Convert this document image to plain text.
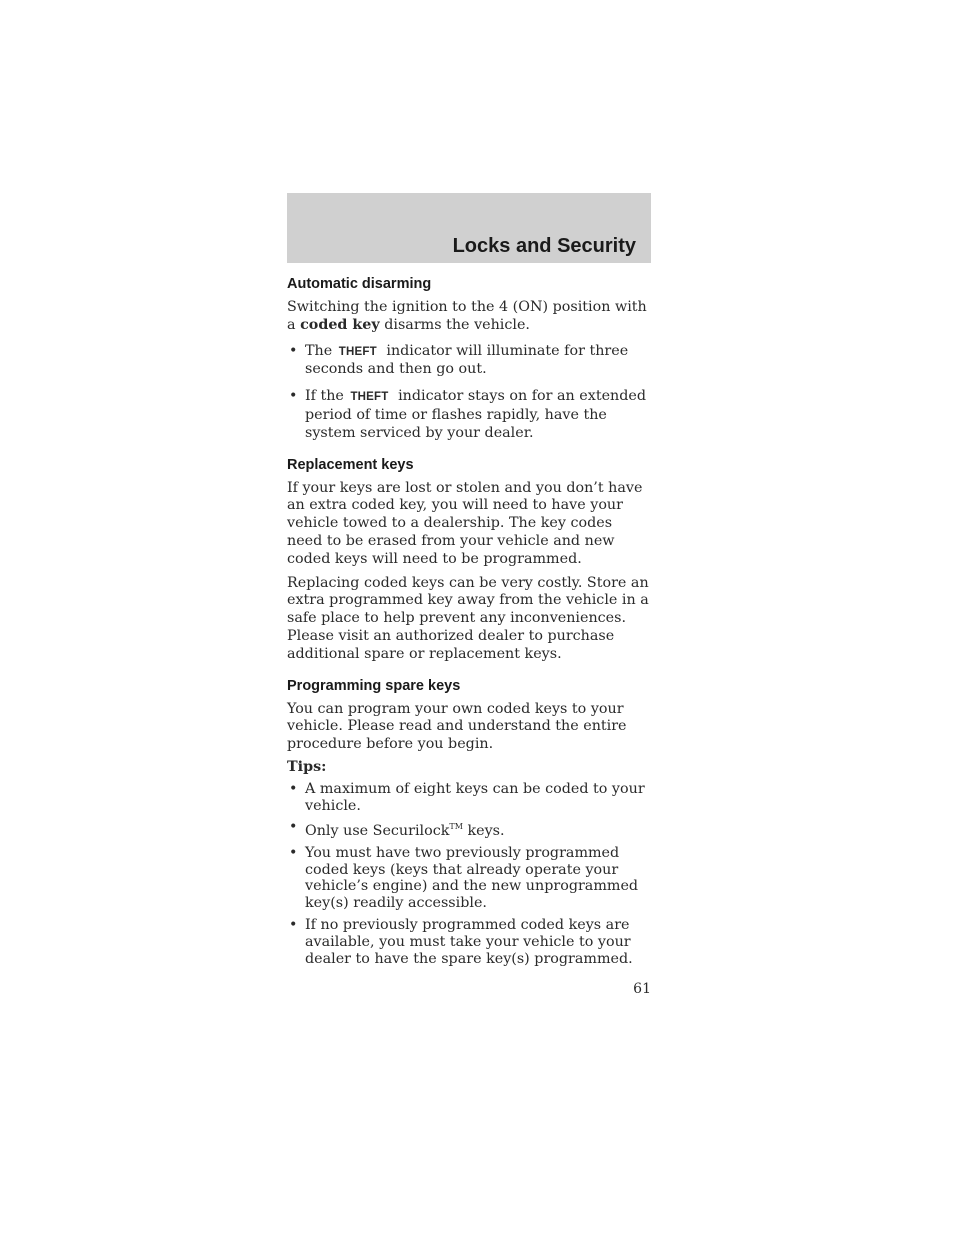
Locks and Security
Automatic disarming

Switching the ignition to the 4 (ON) position with a coded key disarms the vehicle.

• The THEFT indicator will illuminate for three seconds and then go out.
• If the THEFT indicator stays on for an extended period of time or flashes rapidly, have the system serviced by your dealer.
Replacement keys

If your keys are lost or stolen and you don’t have an extra coded key, you will need to have your vehicle towed to a dealership. The key codes need to be erased from your vehicle and new coded keys will need to be programmed.

Replacing coded keys can be very costly. Store an extra programmed key away from the vehicle in a safe place to help prevent any inconveniences. Please visit an authorized dealer to purchase additional spare or replacement keys.

Programming spare keys

You can program your own coded keys to your vehicle. Please read and understand the entire procedure before you begin.

Tips:

• A maximum of eight keys can be coded to your vehicle.
• Only use Securilock™ keys.
• You must have two previously programmed coded keys (keys that already operate your vehicle’s engine) and the new unprogrammed key(s) readily accessible.
• If no previously programmed coded keys are available, you must take your vehicle to your dealer to have the spare key(s) programmed.
61
